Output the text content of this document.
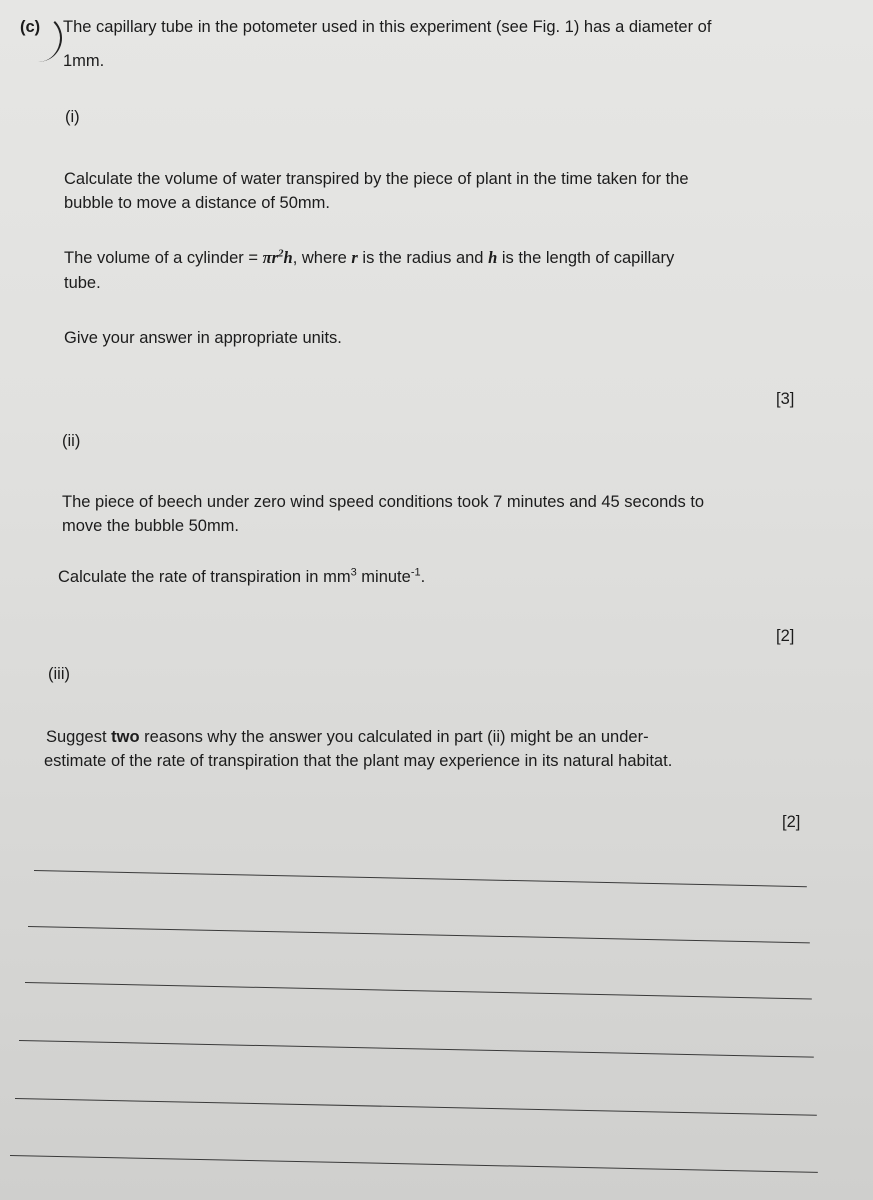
(c) The capillary tube in the potometer used in this experiment (see Fig. 1) has a diameter of
1mm.
(i)
Calculate the volume of water transpired by the piece of plant in the time taken for the
bubble to move a distance of 50mm.
The volume of a cylinder = $\pi r^2h$, where r is the radius and h is the length of capillary
tube.
Give your answer in appropriate units.
[3]
(ii)
The piece of beech under zero wind speed conditions took 7 minutes and 45 seconds to
move the bubble 50mm.
Calculate the rate of transpiration in $mm^3$ minute$^{-1}$.
[2]
(iii)
Suggest two reasons why the answer you calculated in part (ii) might be an under-
estimate of the rate of transpiration that the plant may experience in its natural habitat.
[2]
